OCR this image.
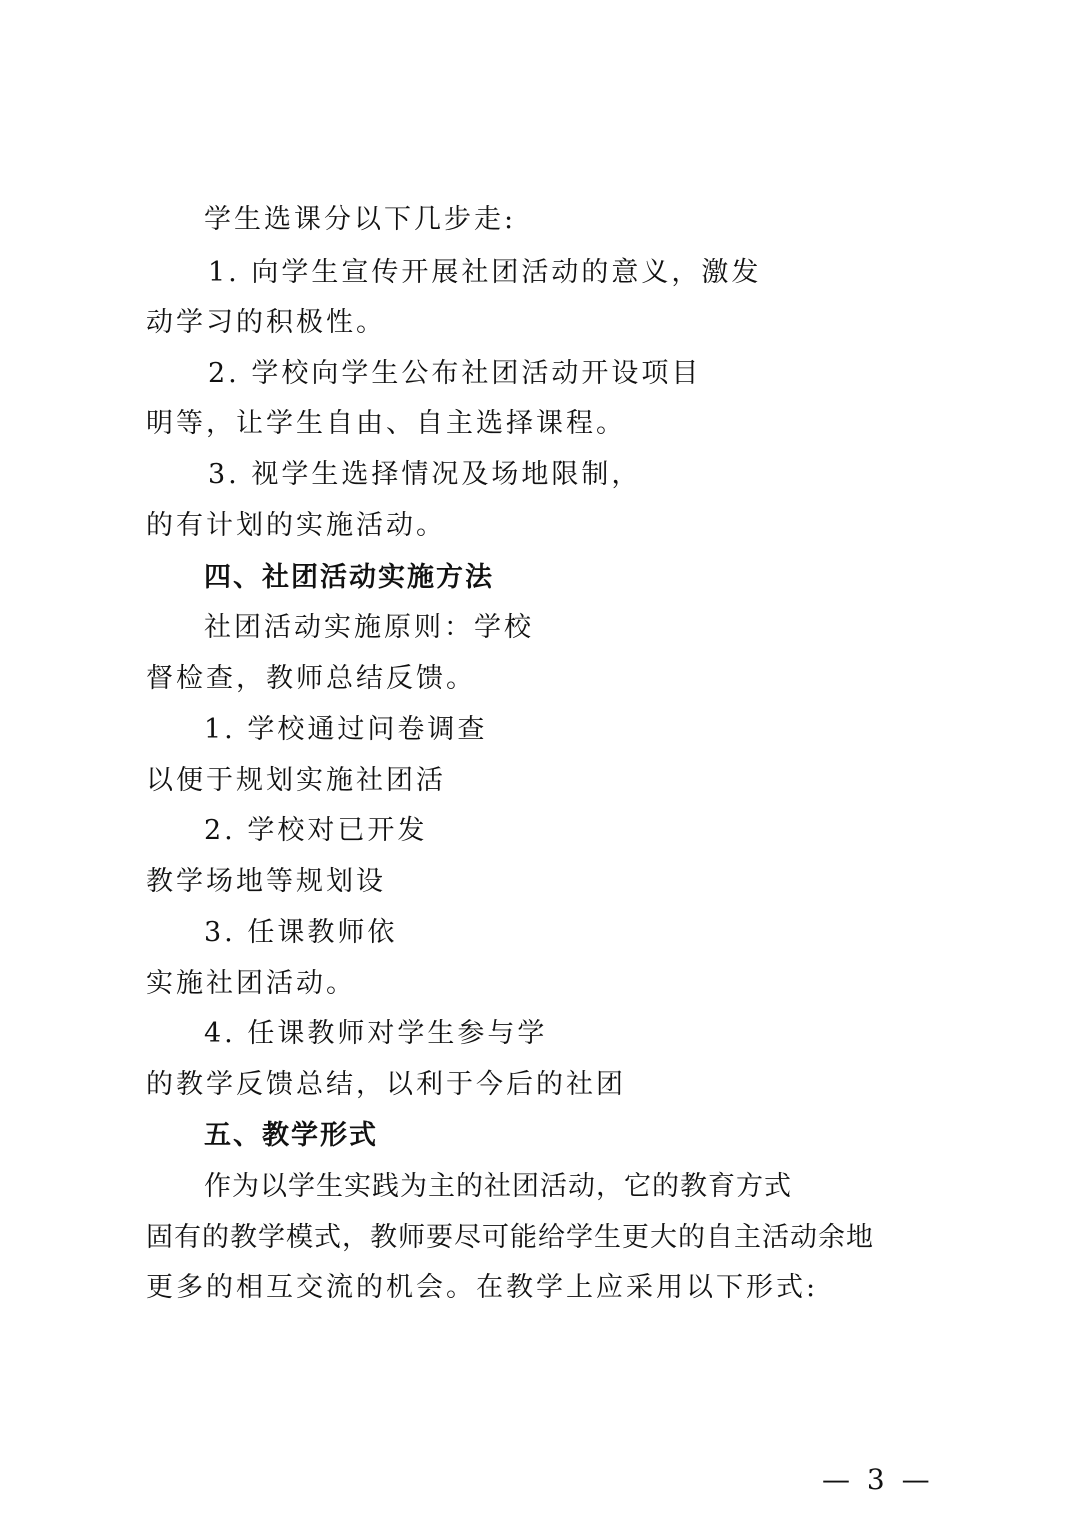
学生选课分以下几步走:
1. 向学生宣传开展社团活动的意义，激发
动学习的积极性。
2. 学校向学生公布社团活动开设项目
明等，让学生自由、自主选择课程。
3. 视学生选择情况及场地限制，
的有计划的实施活动。
四、社团活动实施方法
社团活动实施原则：学校
督检查，教师总结反馈。
1. 学校通过问卷调查
以便于规划实施社团活
2. 学校对已开发
教学场地等规划设
3. 任课教师依
实施社团活动。
4. 任课教师对学生参与学
的教学反馈总结，以利于今后的社团
五、教学形式
作为以学生实践为主的社团活动，它的教育方式
固有的教学模式，教师要尽可能给学生更大的自主活动余地
更多的相互交流的机会。在教学上应采用以下形式:
— 3 —
